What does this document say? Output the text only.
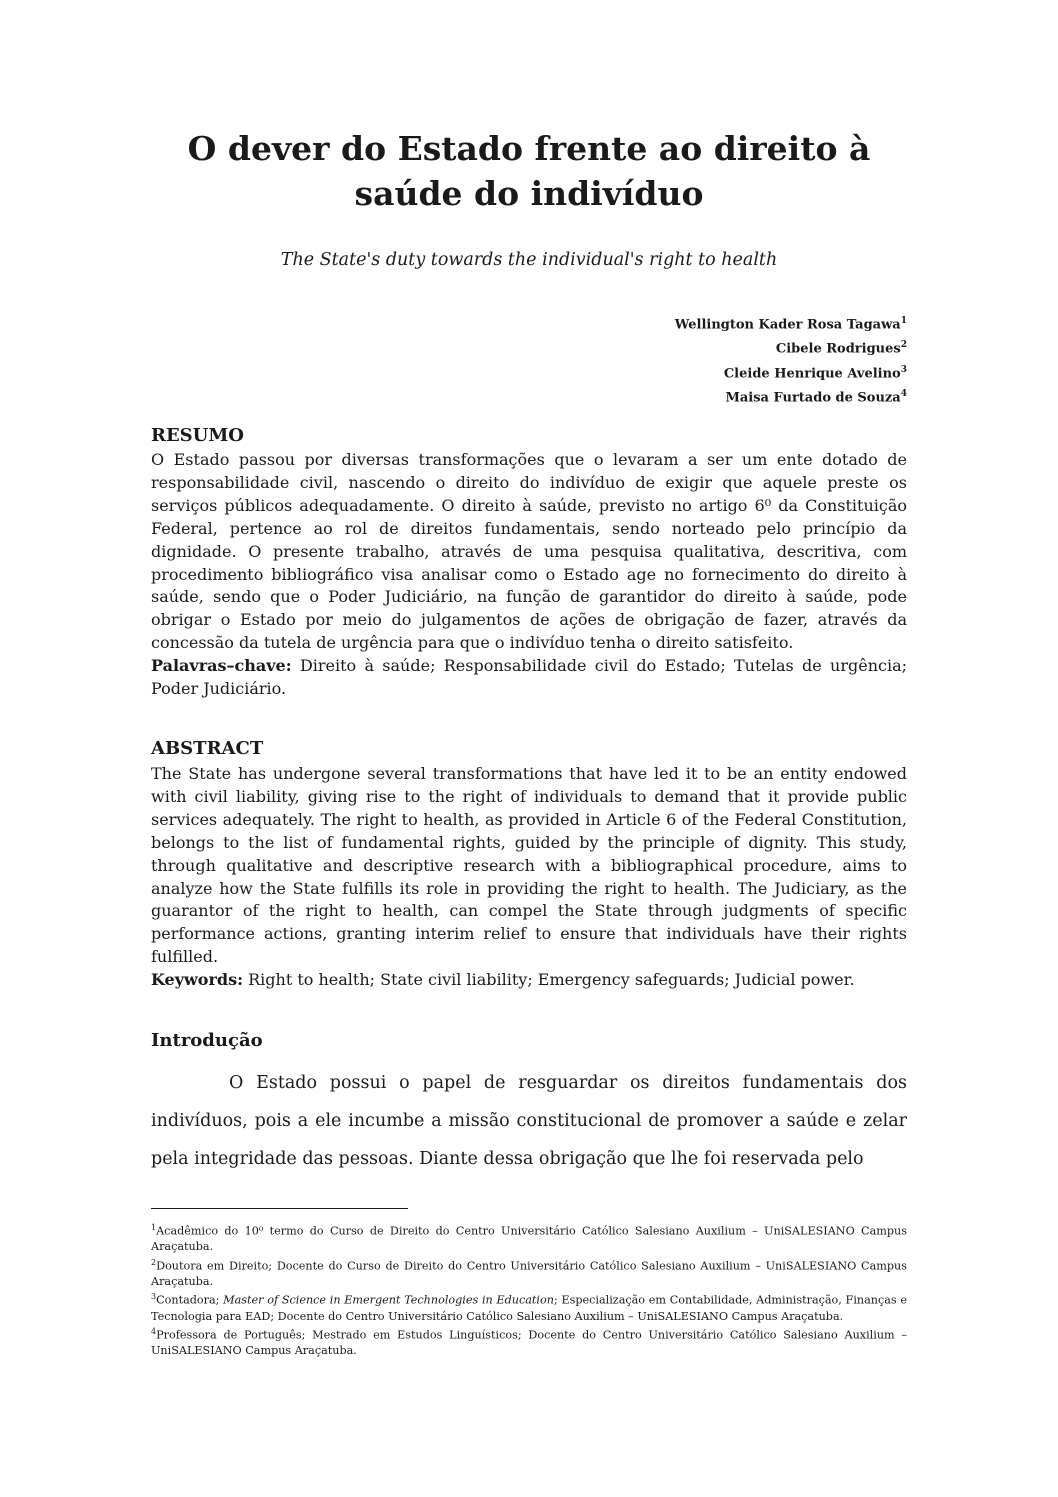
O dever do Estado frente ao direito à saúde do indivíduo

The State's duty towards the individual's right to health

Wellington Kader Rosa Tagawa$^1$
Cibele Rodrigues$^2$
Cleide Henrique Avelino$^3$
Maisa Furtado de Souza$^4$
RESUMO

O Estado passou por diversas transformações que o levaram a ser um ente dotado de responsabilidade civil, nascendo o direito do indivíduo de exigir que aquele preste os serviços públicos adequadamente. O direito à saúde, previsto no artigo 6⁰ da Constituição Federal, pertence ao rol de direitos fundamentais, sendo norteado pelo princípio da dignidade. O presente trabalho, através de uma pesquisa qualitativa, descritiva, com procedimento bibliográfico visa analisar como o Estado age no fornecimento do direito à saúde, sendo que o Poder Judiciário, na função de garantidor do direito à saúde, pode obrigar o Estado por meio do julgamentos de ações de obrigação de fazer, através da concessão da tutela de urgência para que o indivíduo tenha o direito satisfeito.
Palavras–chave: Direito à saúde; Responsabilidade civil do Estado; Tutelas de urgência; Poder Judiciário.

ABSTRACT

The State has undergone several transformations that have led it to be an entity endowed with civil liability, giving rise to the right of individuals to demand that it provide public services adequately. The right to health, as provided in Article 6 of the Federal Constitution, belongs to the list of fundamental rights, guided by the principle of dignity. This study, through qualitative and descriptive research with a bibliographical procedure, aims to analyze how the State fulfills its role in providing the right to health. The Judiciary, as the guarantor of the right to health, can compel the State through judgments of specific performance actions, granting interim relief to ensure that individuals have their rights fulfilled.
Keywords: Right to health; State civil liability; Emergency safeguards; Judicial power.

Introdução

O Estado possui o papel de resguardar os direitos fundamentais dos indivíduos, pois a ele incumbe a missão constitucional de promover a saúde e zelar pela integridade das pessoas. Diante dessa obrigação que lhe foi reservada pelo

$^1$Acadêmico do 10⁰ termo do Curso de Direito do Centro Universitário Católico Salesiano Auxilium – UniSALESIANO Campus Araçatuba.

$^2$Doutora em Direito; Docente do Curso de Direito do Centro Universitário Católico Salesiano Auxilium – UniSALESIANO Campus Araçatuba.

$^3$Contadora; Master of Science in Emergent Technologies in Education; Especialização em Contabilidade, Administração, Finanças e Tecnologia para EAD; Docente do Centro Universitário Católico Salesiano Auxilium – UniSALESIANO Campus Araçatuba.

$^4$Professora de Português; Mestrado em Estudos Linguísticos; Docente do Centro Universitário Católico Salesiano Auxilium – UniSALESIANO Campus Araçatuba.
